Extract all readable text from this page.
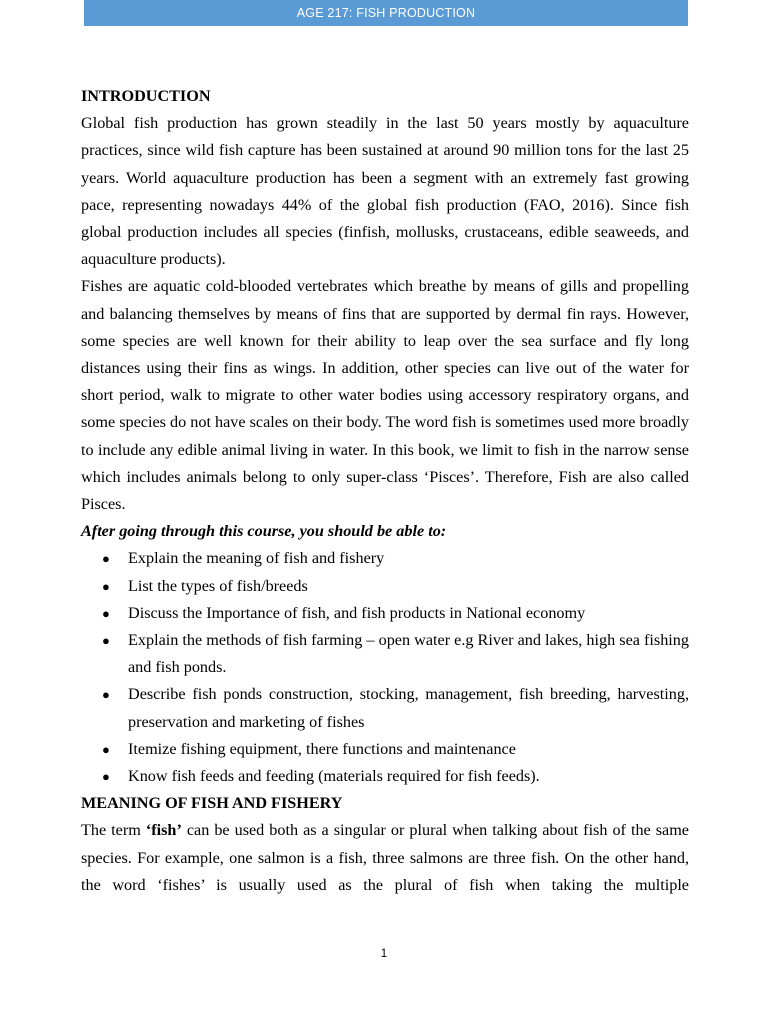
AGE 217: FISH PRODUCTION
INTRODUCTION
Global fish production has grown steadily in the last 50 years mostly by aquaculture practices, since wild fish capture has been sustained at around 90 million tons for the last 25 years. World aquaculture production has been a segment with an extremely fast growing pace, representing nowadays 44% of the global fish production (FAO, 2016). Since fish global production includes all species (finfish, mollusks, crustaceans, edible seaweeds, and aquaculture products).
Fishes are aquatic cold-blooded vertebrates which breathe by means of gills and propelling and balancing themselves by means of fins that are supported by dermal fin rays. However, some species are well known for their ability to leap over the sea surface and fly long distances using their fins as wings. In addition, other species can live out of the water for short period, walk to migrate to other water bodies using accessory respiratory organs, and some species do not have scales on their body. The word fish is sometimes used more broadly to include any edible animal living in water. In this book, we limit to fish in the narrow sense which includes animals belong to only super-class ‘Pisces’. Therefore, Fish are also called Pisces.
After going through this course, you should be able to:
● Explain the meaning of fish and fishery
● List the types of fish/breeds
● Discuss the Importance of fish, and fish products in National economy
● Explain the methods of fish farming – open water e.g River and lakes, high sea fishing and fish ponds.
● Describe fish ponds construction, stocking, management, fish breeding, harvesting, preservation and marketing of fishes
● Itemize fishing equipment, there functions and maintenance
● Know fish feeds and feeding (materials required for fish feeds).
MEANING OF FISH AND FISHERY
The term ‘fish’ can be used both as a singular or plural when talking about fish of the same species. For example, one salmon is a fish, three salmons are three fish. On the other hand, the word ‘fishes’ is usually used as the plural of fish when taking the multiple
1
